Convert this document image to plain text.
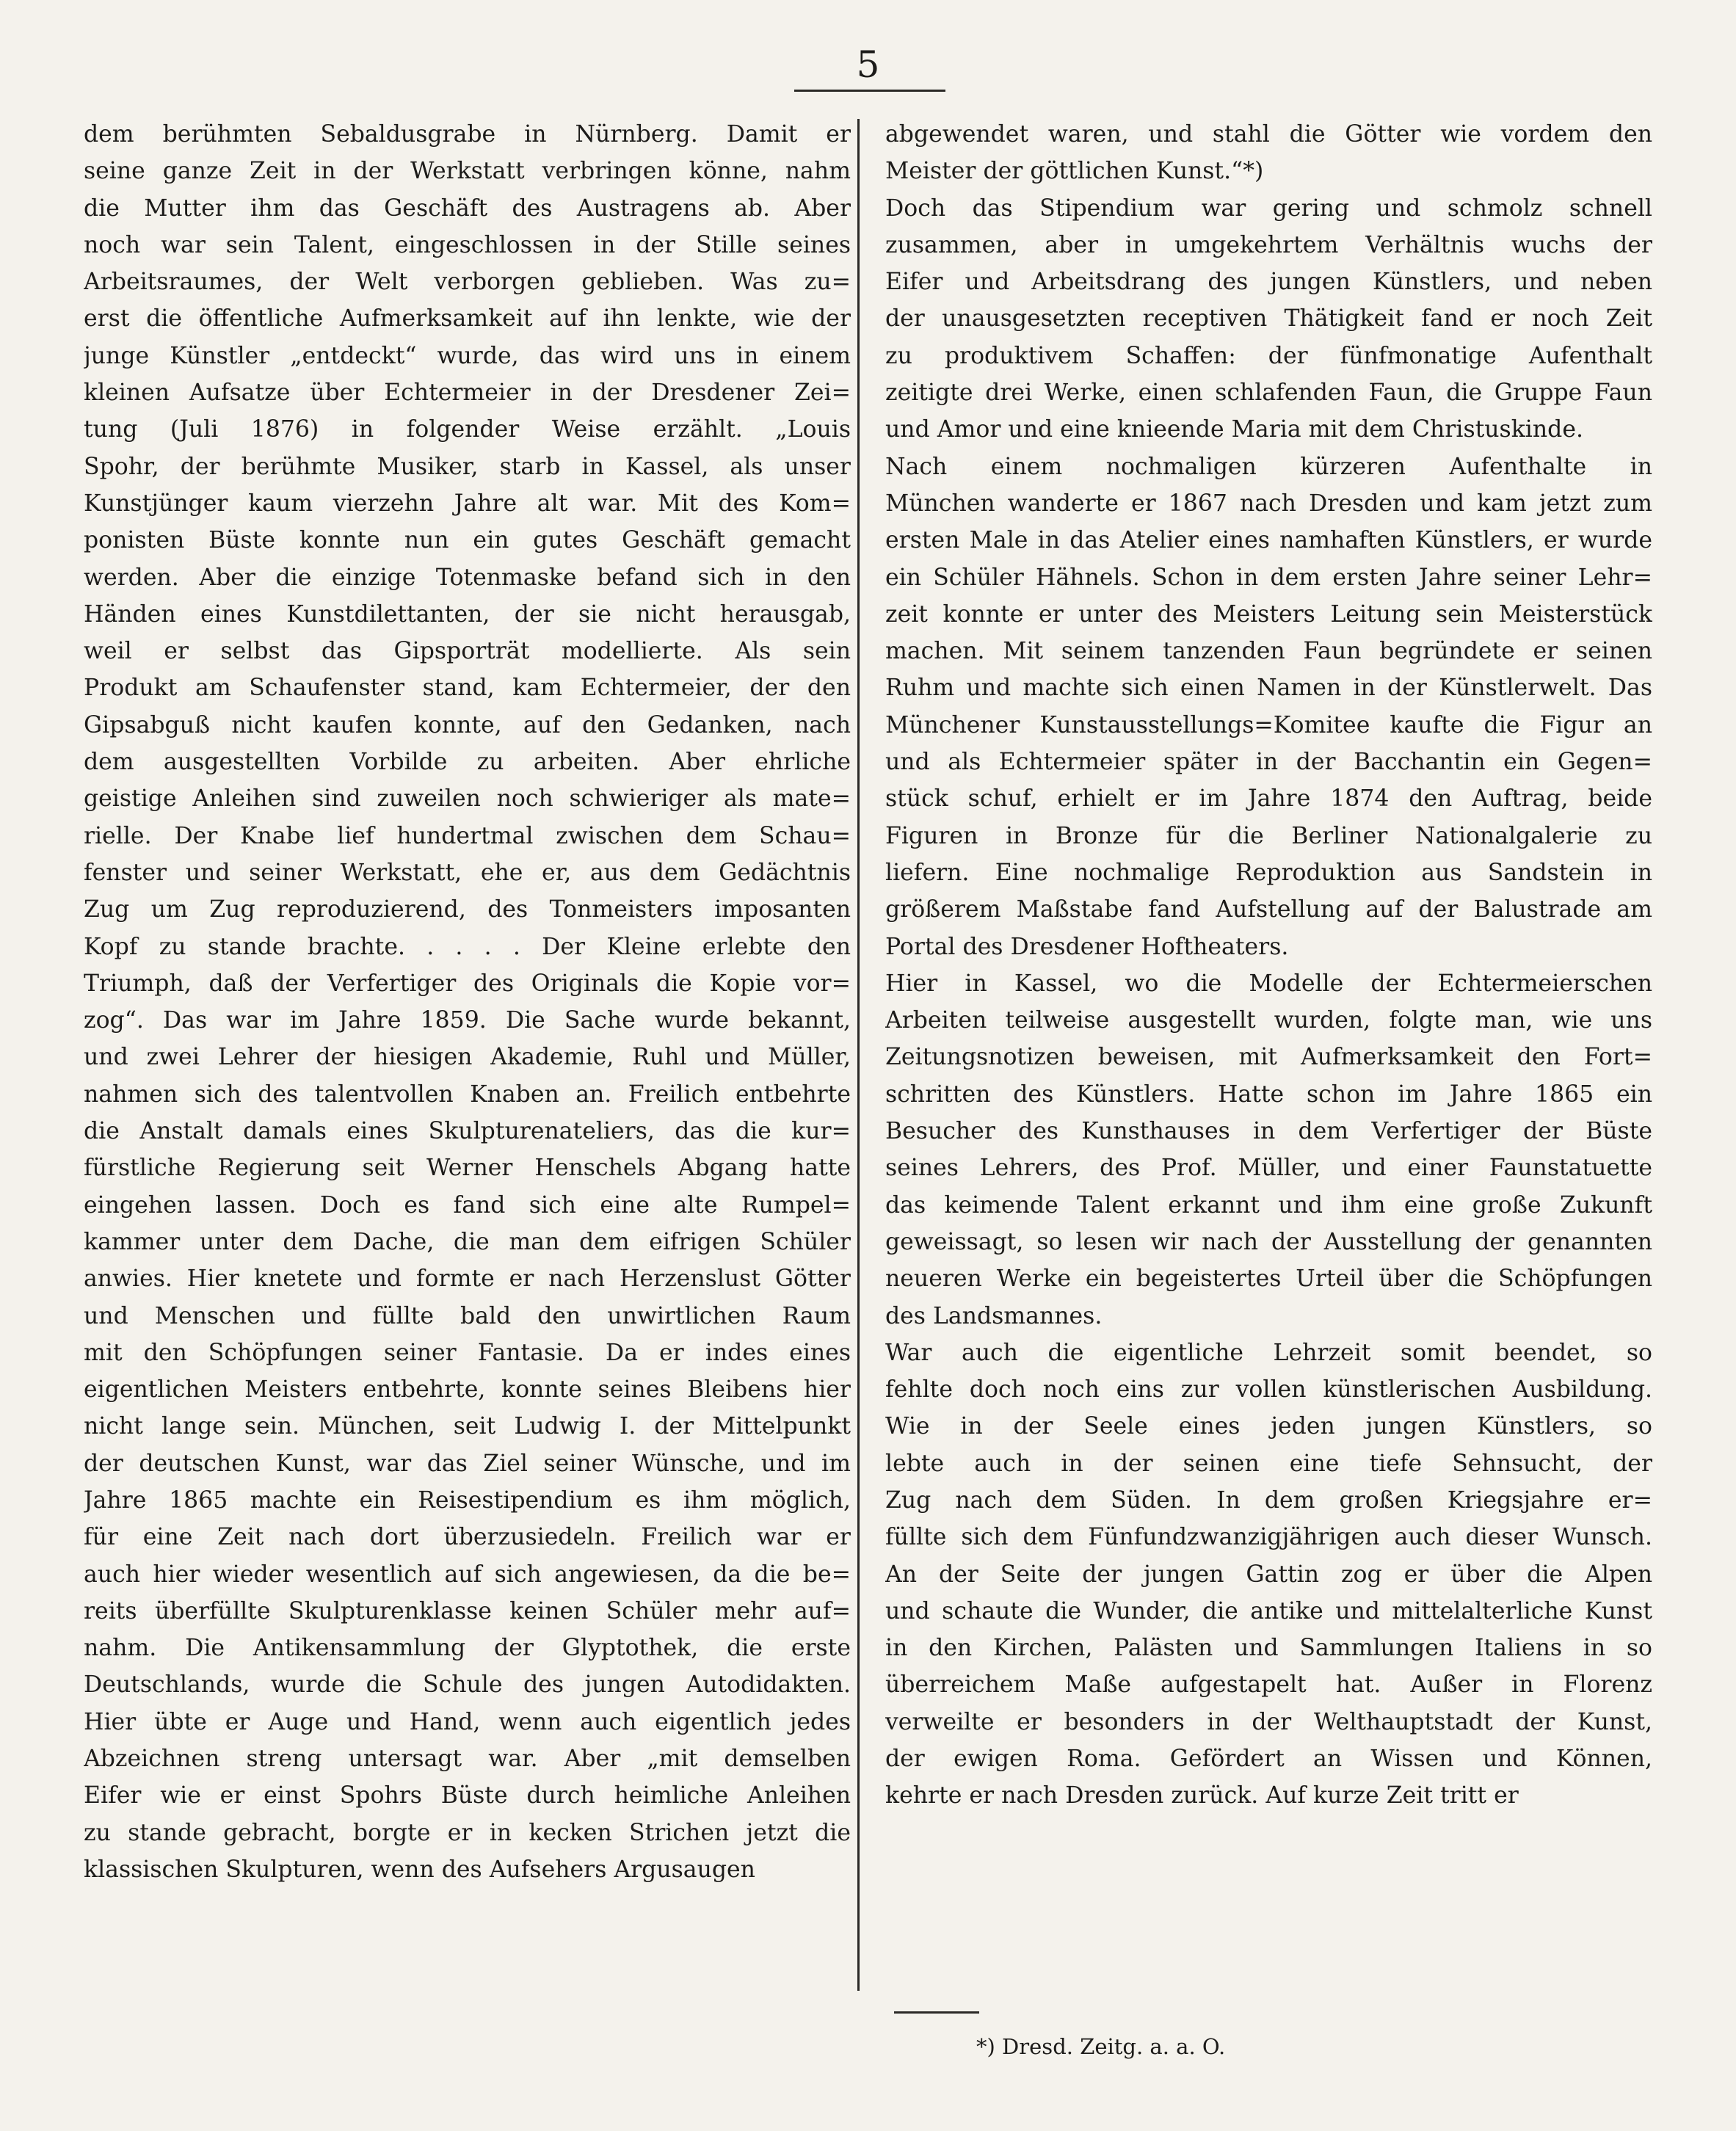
5
dem berühmten Sebaldusgrabe in Nürnberg. Damit er
seine ganze Zeit in der Werkstatt verbringen könne, nahm
die Mutter ihm das Geschäft des Austragens ab. Aber
noch war sein Talent, eingeschlossen in der Stille seines
Arbeitsraumes, der Welt verborgen geblieben. Was zu=
erst die öffentliche Aufmerksamkeit auf ihn lenkte, wie der
junge Künstler „entdeckt“ wurde, das wird uns in einem
kleinen Aufsatze über Echtermeier in der Dresdener Zei=
tung (Juli 1876) in folgender Weise erzählt. „Louis
Spohr, der berühmte Musiker, starb in Kassel, als unser
Kunstjünger kaum vierzehn Jahre alt war. Mit des Kom=
ponisten Büste konnte nun ein gutes Geschäft gemacht
werden. Aber die einzige Totenmaske befand sich in den
Händen eines Kunstdilettanten, der sie nicht herausgab,
weil er selbst das Gipsporträt modellierte. Als sein
Produkt am Schaufenster stand, kam Echtermeier, der den
Gipsabguß nicht kaufen konnte, auf den Gedanken, nach
dem ausgestellten Vorbilde zu arbeiten. Aber ehrliche
geistige Anleihen sind zuweilen noch schwieriger als mate=
rielle. Der Knabe lief hundertmal zwischen dem Schau=
fenster und seiner Werkstatt, ehe er, aus dem Gedächtnis
Zug um Zug reproduzierend, des Tonmeisters imposanten
Kopf zu stande brachte. . . . . Der Kleine erlebte den
Triumph, daß der Verfertiger des Originals die Kopie vor=
zog“. Das war im Jahre 1859. Die Sache wurde bekannt,
und zwei Lehrer der hiesigen Akademie, Ruhl und Müller,
nahmen sich des talentvollen Knaben an. Freilich entbehrte
die Anstalt damals eines Skulpturenateliers, das die kur=
fürstliche Regierung seit Werner Henschels Abgang hatte
eingehen lassen. Doch es fand sich eine alte Rumpel=
kammer unter dem Dache, die man dem eifrigen Schüler
anwies. Hier knetete und formte er nach Herzenslust Götter
und Menschen und füllte bald den unwirtlichen Raum
mit den Schöpfungen seiner Fantasie. Da er indes eines
eigentlichen Meisters entbehrte, konnte seines Bleibens hier
nicht lange sein. München, seit Ludwig I. der Mittelpunkt
der deutschen Kunst, war das Ziel seiner Wünsche, und im
Jahre 1865 machte ein Reisestipendium es ihm möglich,
für eine Zeit nach dort überzusiedeln. Freilich war er
auch hier wieder wesentlich auf sich angewiesen, da die be=
reits überfüllte Skulpturenklasse keinen Schüler mehr auf=
nahm. Die Antikensammlung der Glyptothek, die erste
Deutschlands, wurde die Schule des jungen Autodidakten.
Hier übte er Auge und Hand, wenn auch eigentlich jedes
Abzeichnen streng untersagt war. Aber „mit demselben
Eifer wie er einst Spohrs Büste durch heimliche Anleihen
zu stande gebracht, borgte er in kecken Strichen jetzt die
klassischen Skulpturen, wenn des Aufsehers Argusaugen
abgewendet waren, und stahl die Götter wie vordem den
Meister der göttlichen Kunst.“*)
Doch das Stipendium war gering und schmolz schnell
zusammen, aber in umgekehrtem Verhältnis wuchs der
Eifer und Arbeitsdrang des jungen Künstlers, und neben
der unausgesetzten receptiven Thätigkeit fand er noch Zeit
zu produktivem Schaffen: der fünfmonatige Aufenthalt
zeitigte drei Werke, einen schlafenden Faun, die Gruppe Faun
und Amor und eine knieende Maria mit dem Christuskinde.
Nach einem nochmaligen kürzeren Aufenthalte in
München wanderte er 1867 nach Dresden und kam jetzt zum
ersten Male in das Atelier eines namhaften Künstlers, er wurde
ein Schüler Hähnels. Schon in dem ersten Jahre seiner Lehr=
zeit konnte er unter des Meisters Leitung sein Meisterstück
machen. Mit seinem tanzenden Faun begründete er seinen
Ruhm und machte sich einen Namen in der Künstlerwelt. Das
Münchener Kunstausstellungs=Komitee kaufte die Figur an
und als Echtermeier später in der Bacchantin ein Gegen=
stück schuf, erhielt er im Jahre 1874 den Auftrag, beide
Figuren in Bronze für die Berliner Nationalgalerie zu
liefern. Eine nochmalige Reproduktion aus Sandstein in
größerem Maßstabe fand Aufstellung auf der Balustrade am
Portal des Dresdener Hoftheaters.
Hier in Kassel, wo die Modelle der Echtermeierschen
Arbeiten teilweise ausgestellt wurden, folgte man, wie uns
Zeitungsnotizen beweisen, mit Aufmerksamkeit den Fort=
schritten des Künstlers. Hatte schon im Jahre 1865 ein
Besucher des Kunsthauses in dem Verfertiger der Büste
seines Lehrers, des Prof. Müller, und einer Faunstatuette
das keimende Talent erkannt und ihm eine große Zukunft
geweissagt, so lesen wir nach der Ausstellung der genannten
neueren Werke ein begeistertes Urteil über die Schöpfungen
des Landsmannes.
War auch die eigentliche Lehrzeit somit beendet, so
fehlte doch noch eins zur vollen künstlerischen Ausbildung.
Wie in der Seele eines jeden jungen Künstlers, so
lebte auch in der seinen eine tiefe Sehnsucht, der
Zug nach dem Süden. In dem großen Kriegsjahre er=
füllte sich dem Fünfundzwanzigjährigen auch dieser Wunsch.
An der Seite der jungen Gattin zog er über die Alpen
und schaute die Wunder, die antike und mittelalterliche Kunst
in den Kirchen, Palästen und Sammlungen Italiens in so
überreichem Maße aufgestapelt hat. Außer in Florenz
verweilte er besonders in der Welthauptstadt der Kunst,
der ewigen Roma. Gefördert an Wissen und Können,
kehrte er nach Dresden zurück. Auf kurze Zeit tritt er
*) Dresd. Zeitg. a. a. O.
